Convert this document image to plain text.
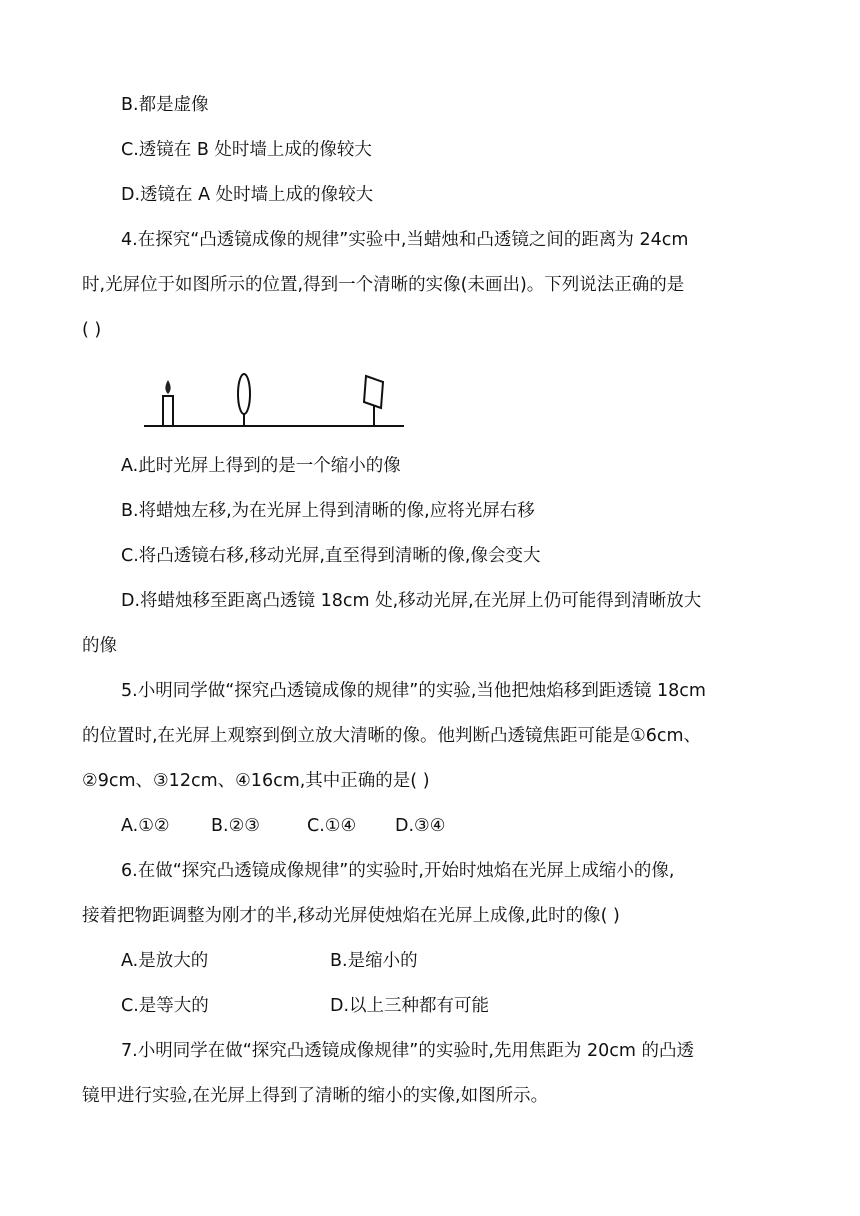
B.都是虚像
C.透镜在 B 处时墙上成的像较大
D.透镜在 A 处时墙上成的像较大
4.在探究“凸透镜成像的规律”实验中,当蜡烛和凸透镜之间的距离为 24cm
时,光屏位于如图所示的位置,得到一个清晰的实像(未画出)。下列说法正确的是
( )
A.此时光屏上得到的是一个缩小的像
B.将蜡烛左移,为在光屏上得到清晰的像,应将光屏右移
C.将凸透镜右移,移动光屏,直至得到清晰的像,像会变大
D.将蜡烛移至距离凸透镜 18cm 处,移动光屏,在光屏上仍可能得到清晰放大
的像
5.小明同学做“探究凸透镜成像的规律”的实验,当他把烛焰移到距透镜 18cm
的位置时,在光屏上观察到倒立放大清晰的像。他判断凸透镜焦距可能是①6cm、
②9cm、③12cm、④16cm,其中正确的是( )
A.①② B.②③	C.①④ D.③④
6.在做“探究凸透镜成像规律”的实验时,开始时烛焰在光屏上成缩小的像,
接着把物距调整为刚才的半,移动光屏使烛焰在光屏上成像,此时的像( )
A.是放大的	B.是缩小的
C.是等大的	D.以上三种都有可能
7.小明同学在做“探究凸透镜成像规律”的实验时,先用焦距为 20cm 的凸透
镜甲进行实验,在光屏上得到了清晰的缩小的实像,如图所示。
